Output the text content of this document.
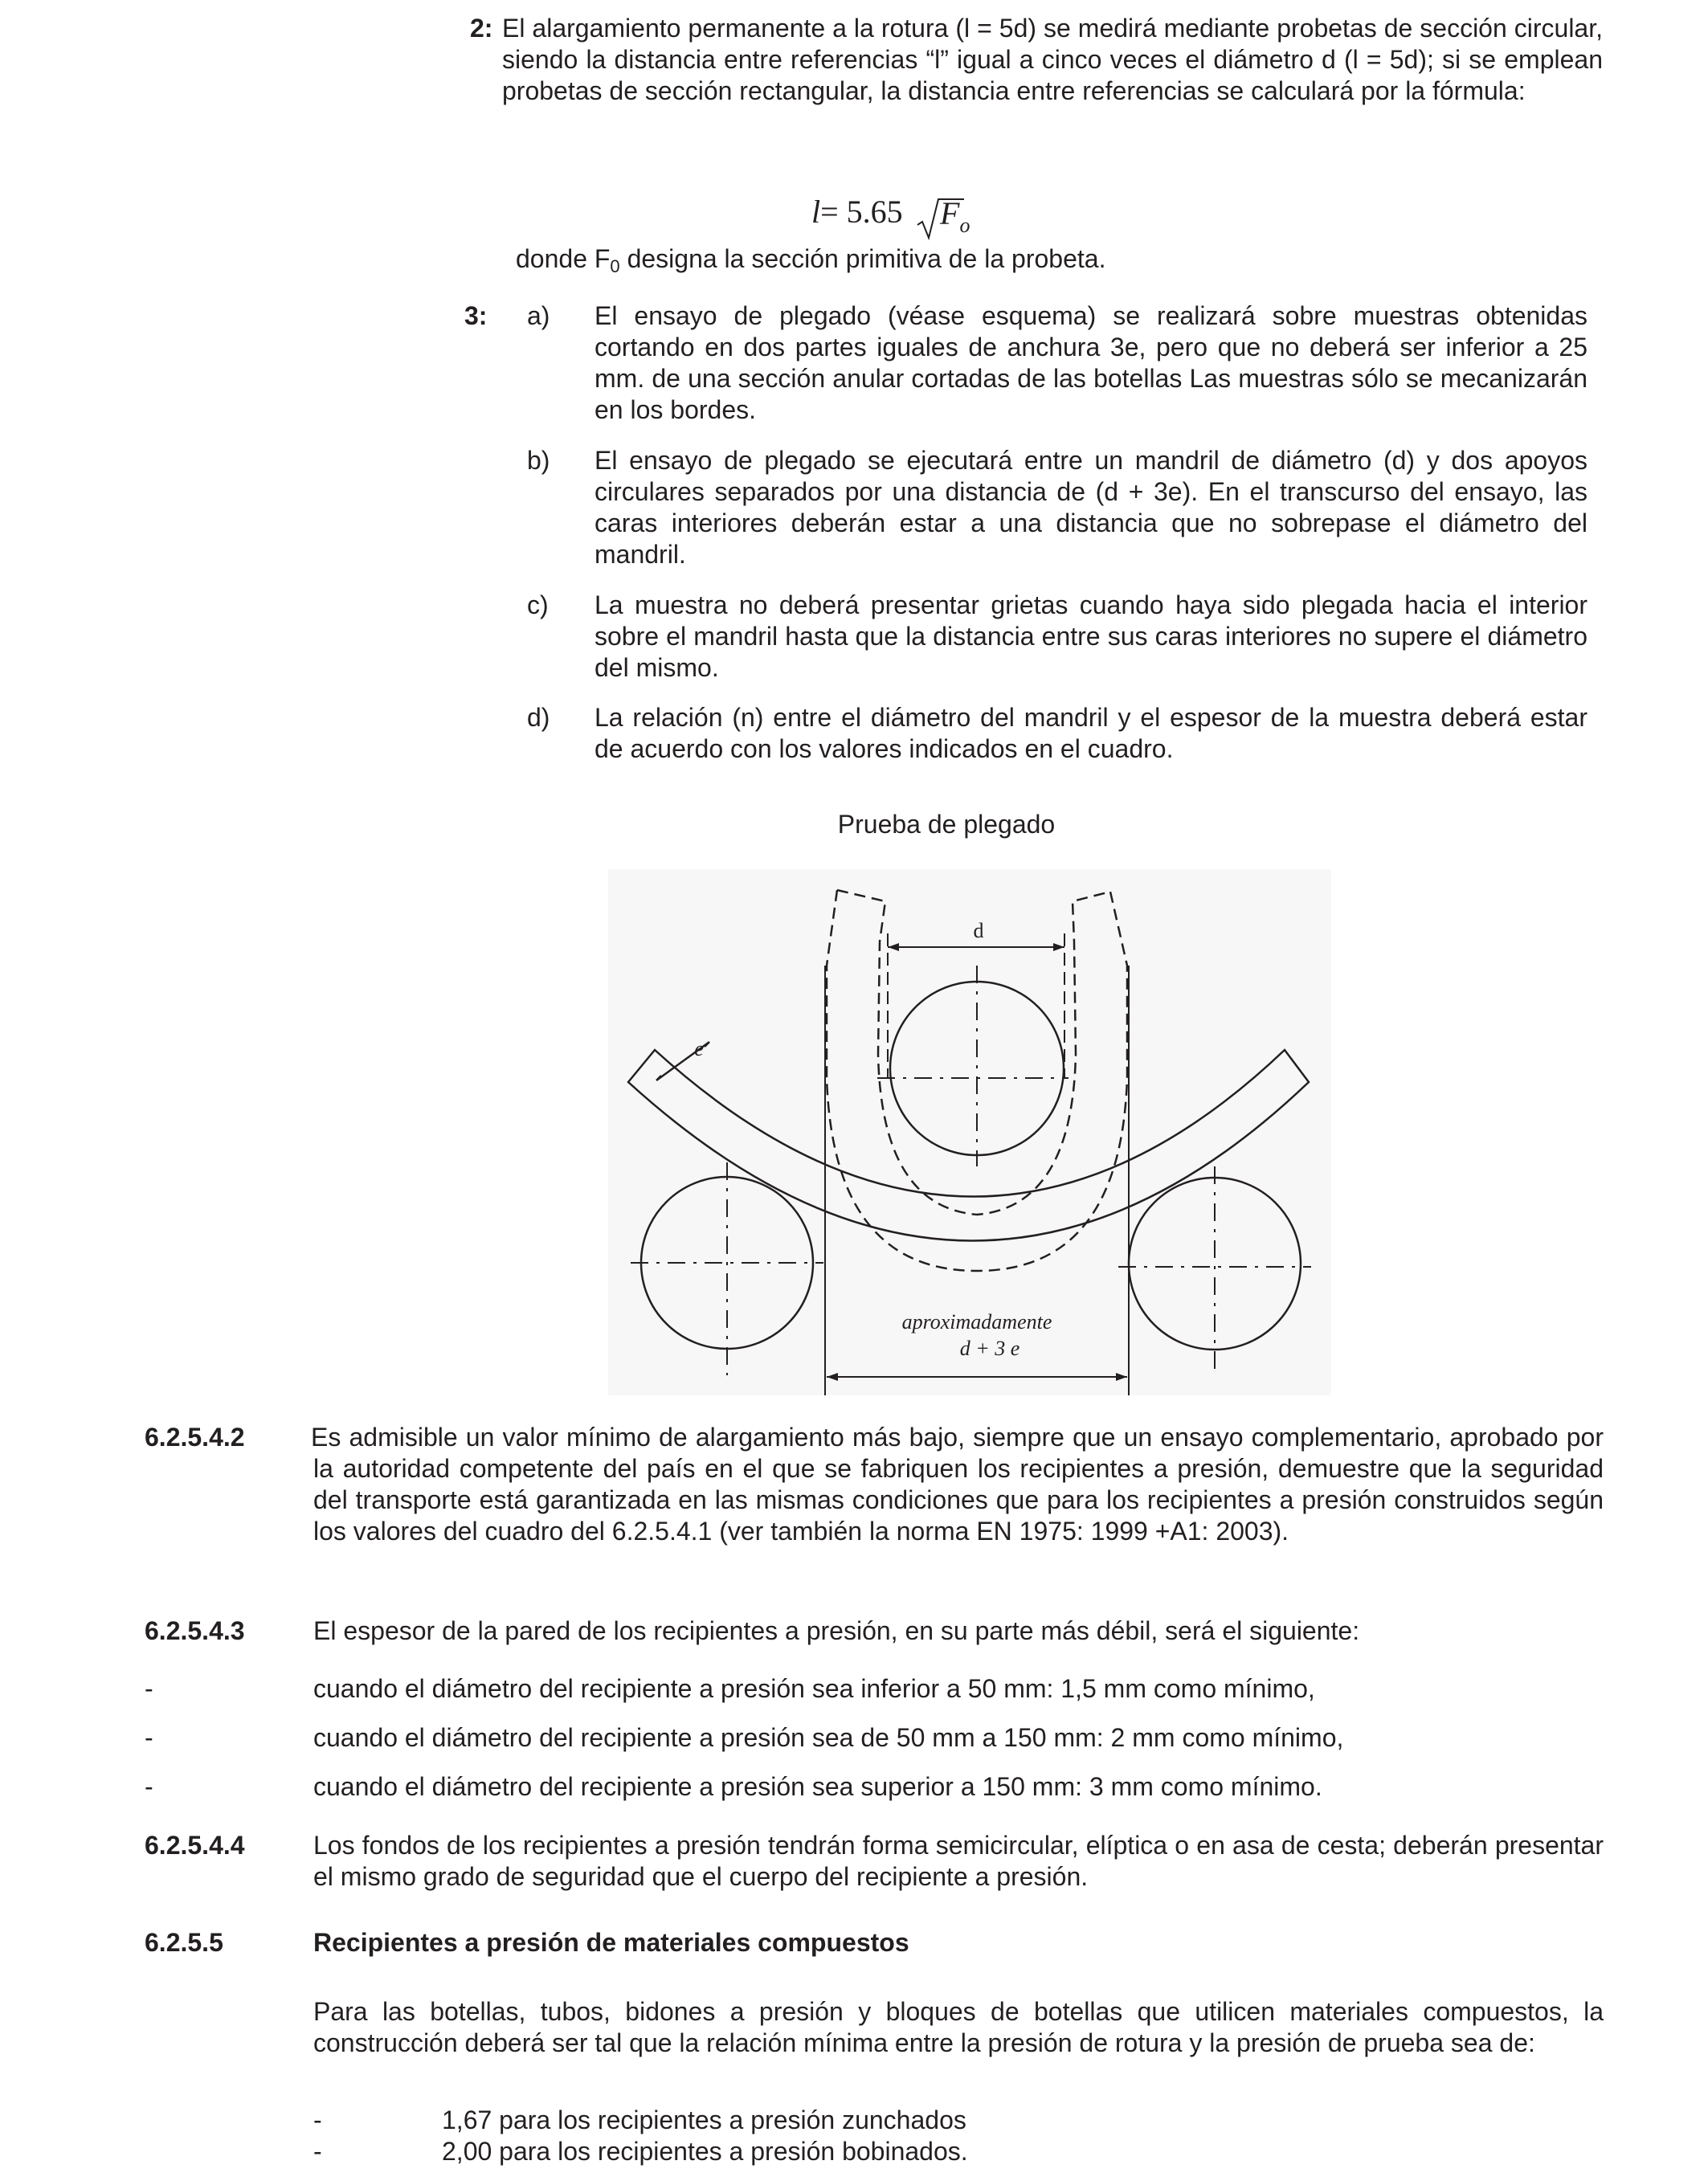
2: El alargamiento permanente a la rotura (l = 5d) se medirá mediante probetas de sección circular, siendo la distancia entre referencias “l” igual a cinco veces el diámetro d (l = 5d); si se emplean probetas de sección rectangular, la distancia entre referencias se calculará por la fórmula:
l= 5.65 $F_o$
donde $F_0$ designa la sección primitiva de la probeta.
3: a) El ensayo de plegado (véase esquema) se realizará sobre muestras obtenidas cortando en dos partes iguales de anchura 3e, pero que no deberá ser inferior a 25 mm. de una sección anular cortadas de las botellas Las muestras sólo se mecanizarán en los bordes.
b) El ensayo de plegado se ejecutará entre un mandril de diámetro (d) y dos apoyos circulares separados por una distancia de (d + 3e). En el transcurso del ensayo, las caras interiores deberán estar a una distancia que no sobrepase el diámetro del mandril.
c) La muestra no deberá presentar grietas cuando haya sido plegada hacia el interior sobre el mandril hasta que la distancia entre sus caras interiores no supere el diámetro del mismo.
d) La relación (n) entre el diámetro del mandril y el espesor de la muestra deberá estar de acuerdo con los valores indicados en el cuadro.
Prueba de plegado
d
e
aproximadamente
d + 3 e
6.2.5.4.2	Es admisible un valor mínimo de alargamiento más bajo, siempre que un ensayo complementario, aprobado por la autoridad competente del país en el que se fabriquen los recipientes a presión, demuestre que la seguridad del transporte está garantizada en las mismas condiciones que para los recipientes a presión construidos según los valores del cuadro del 6.2.5.4.1 (ver también la norma EN 1975: 1999 +A1: 2003).
6.2.5.4.3	El espesor de la pared de los recipientes a presión, en su parte más débil, será el siguiente:
-	cuando el diámetro del recipiente a presión sea inferior a 50 mm: 1,5 mm como mínimo,
-	cuando el diámetro del recipiente a presión sea de 50 mm a 150 mm: 2 mm como mínimo,
-	cuando el diámetro del recipiente a presión sea superior a 150 mm: 3 mm como mínimo.
6.2.5.4.4	Los fondos de los recipientes a presión tendrán forma semicircular, elíptica o en asa de cesta; deberán presentar el mismo grado de seguridad que el cuerpo del recipiente a presión.
6.2.5.5	Recipientes a presión de materiales compuestos
Para las botellas, tubos, bidones a presión y bloques de botellas que utilicen materiales compuestos, la construcción deberá ser tal que la relación mínima entre la presión de rotura y la presión de prueba sea de:
-	1,67 para los recipientes a presión zunchados
-	2,00 para los recipientes a presión bobinados.
